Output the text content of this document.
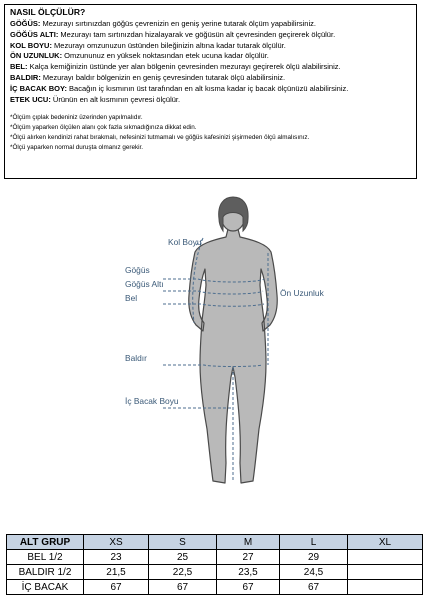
NASIL ÖLÇÜLÜR?
GÖĞÜS: Mezurayı sırtınızdan göğüs çevrenizin en geniş yerine tutarak ölçüm yapabilirsiniz.
GÖĞÜS ALTI: Mezurayı tam sırtınızdan hizalayarak ve göğüsün alt çevresinden geçirerek ölçülür.
KOL BOYU: Mezurayı omzunuzun üstünden bileğinizin altına kadar tutarak ölçülür.
ÖN UZUNLUK: Omzununuz en yüksek noktasından etek ucuna kadar ölçülür.
BEL: Kalça kemiğinizin üstünde yer alan bölgenin çevresinden mezurayı geçirerek ölçü alabilirsiniz.
BALDIR: Mezurayı baldır bölgenizin en geniş çevresinden tutarak ölçü alabilirsiniz.
İÇ BACAK BOY: Bacağın iç kısmının üst tarafından en alt kısma kadar iç bacak ölçünüzü alabilirsiniz.
ETEK UCU: Ürünün en alt kısmının çevresi ölçülür.
*Ölçüm çıplak bedeniniz üzerinden yapılmalıdır.
*Ölçüm yaparken ölçülen alanı çok fazla sıkmadığınıza dikkat edin.
*Ölçü alırken kendinizi rahat bırakmalı, nefesinizi tutmamalı ve göğüs kafesinizi şişirmeden ölçü almalısınız.
*Ölçü yaparken normal duruşta olmanız gerekir.
Kol Boyu
Göğüs
Göğüs Altı
Bel	Ön Uzunluk
Baldır
İç Bacak Boyu
ALT GRUP	XS	S	M	L	XL
BEL 1/2	23	25	27	29	
BALDIR 1/2	21,5	22,5	23,5	24,5	
İÇ BACAK	67	67	67	67	
